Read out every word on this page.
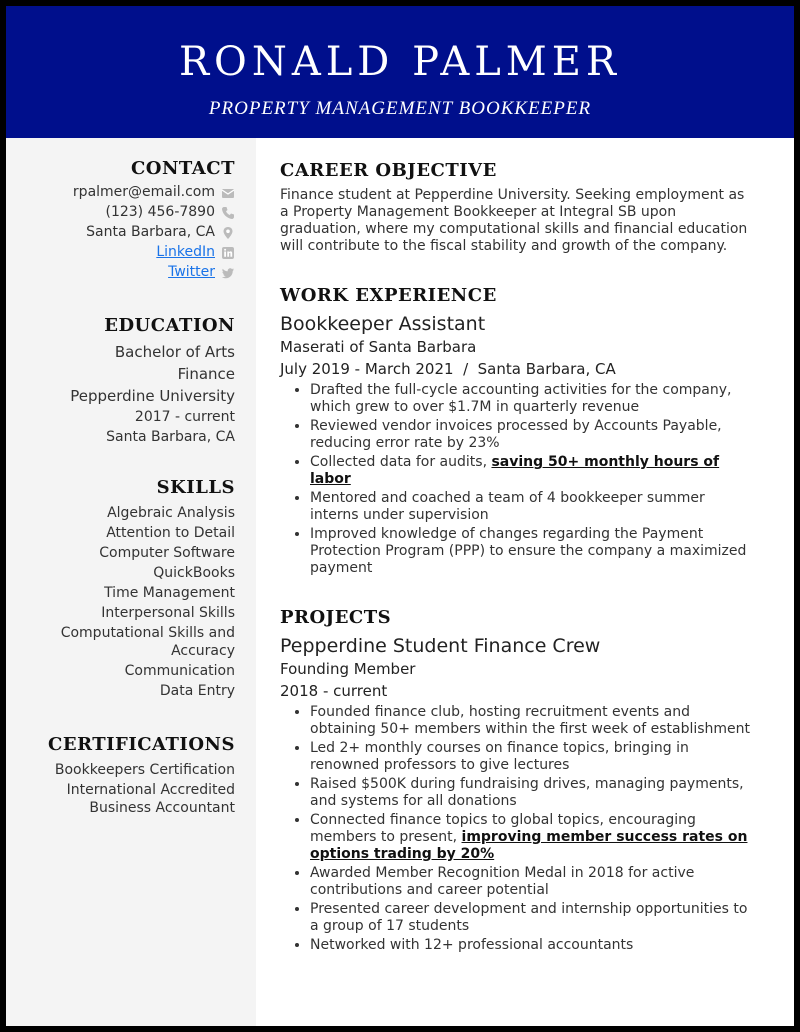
RONALD PALMER
PROPERTY MANAGEMENT BOOKKEEPER
CONTACT
rpalmer@email.com
(123) 456-7890
Santa Barbara, CA
LinkedIn
Twitter
EDUCATION
Bachelor of Arts
Finance
Pepperdine University
2017 - current
Santa Barbara, CA
SKILLS
Algebraic Analysis
Attention to Detail
Computer Software
QuickBooks
Time Management
Interpersonal Skills
Computational Skills and Accuracy
Communication
Data Entry
CERTIFICATIONS
Bookkeepers Certification
International Accredited Business Accountant
CAREER OBJECTIVE
Finance student at Pepperdine University. Seeking employment as a Property Management Bookkeeper at Integral SB upon graduation, where my computational skills and financial education will contribute to the fiscal stability and growth of the company.
WORK EXPERIENCE
Bookkeeper Assistant
Maserati of Santa Barbara
July 2019 - March 2021  /  Santa Barbara, CA
• Drafted the full-cycle accounting activities for the company, which grew to over $1.7M in quarterly revenue
• Reviewed vendor invoices processed by Accounts Payable, reducing error rate by 23%
• Collected data for audits, saving 50+ monthly hours of labor
• Mentored and coached a team of 4 bookkeeper summer interns under supervision
• Improved knowledge of changes regarding the Payment Protection Program (PPP) to ensure the company a maximized payment
PROJECTS
Pepperdine Student Finance Crew
Founding Member
2018 - current
• Founded finance club, hosting recruitment events and obtaining 50+ members within the first week of establishment
• Led 2+ monthly courses on finance topics, bringing in renowned professors to give lectures
• Raised $500K during fundraising drives, managing payments, and systems for all donations
• Connected finance topics to global topics, encouraging members to present, improving member success rates on options trading by 20%
• Awarded Member Recognition Medal in 2018 for active contributions and career potential
• Presented career development and internship opportunities to a group of 17 students
• Networked with 12+ professional accountants
